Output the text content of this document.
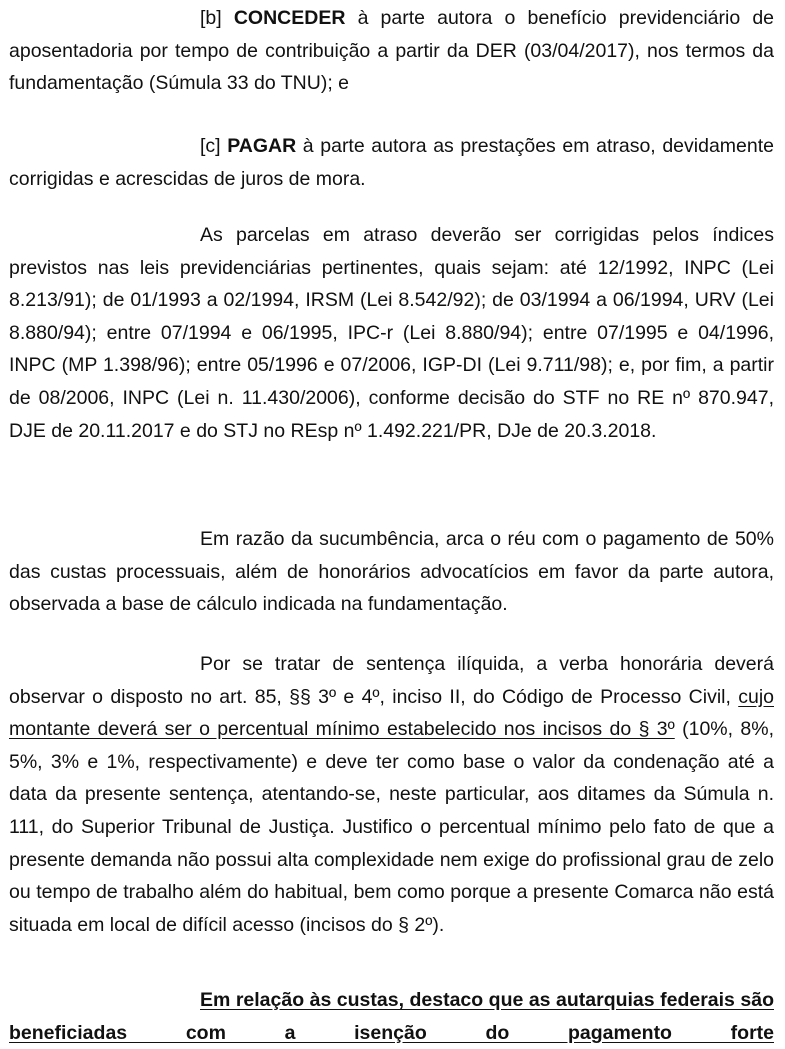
[b] CONCEDER à parte autora o benefício previdenciário de aposentadoria por tempo de contribuição a partir da DER (03/04/2017), nos termos da fundamentação (Súmula 33 do TNU); e

[c] PAGAR à parte autora as prestações em atraso, devidamente corrigidas e acrescidas de juros de mora.

As parcelas em atraso deverão ser corrigidas pelos índices previstos nas leis previdenciárias pertinentes, quais sejam: até 12/1992, INPC (Lei 8.213/91); de 01/1993 a 02/1994, IRSM (Lei 8.542/92); de 03/1994 a 06/1994, URV (Lei 8.880/94); entre 07/1994 e 06/1995, IPC-r (Lei 8.880/94); entre 07/1995 e 04/1996, INPC (MP 1.398/96); entre 05/1996 e 07/2006, IGP-DI (Lei 9.711/98); e, por fim, a partir de 08/2006, INPC (Lei n. 11.430/2006), conforme decisão do STF no RE nº 870.947, DJE de 20.11.2017 e do STJ no REsp nº 1.492.221/PR, DJe de 20.3.2018.

Em razão da sucumbência, arca o réu com o pagamento de 50% das custas processuais, além de honorários advocatícios em favor da parte autora, observada a base de cálculo indicada na fundamentação.

Por se tratar de sentença ilíquida, a verba honorária deverá observar o disposto no art. 85, §§ 3º e 4º, inciso II, do Código de Processo Civil, cujo montante deverá ser o percentual mínimo estabelecido nos incisos do § 3º (10%, 8%, 5%, 3% e 1%, respectivamente) e deve ter como base o valor da condenação até a data da presente sentença, atentando-se, neste particular, aos ditames da Súmula n. 111, do Superior Tribunal de Justiça. Justifico o percentual mínimo pelo fato de que a presente demanda não possui alta complexidade nem exige do profissional grau de zelo ou tempo de trabalho além do habitual, bem como porque a presente Comarca não está situada em local de difícil acesso (incisos do § 2º).

Em relação às custas, destaco que as autarquias federais são beneficiadas com a isenção do pagamento forte
